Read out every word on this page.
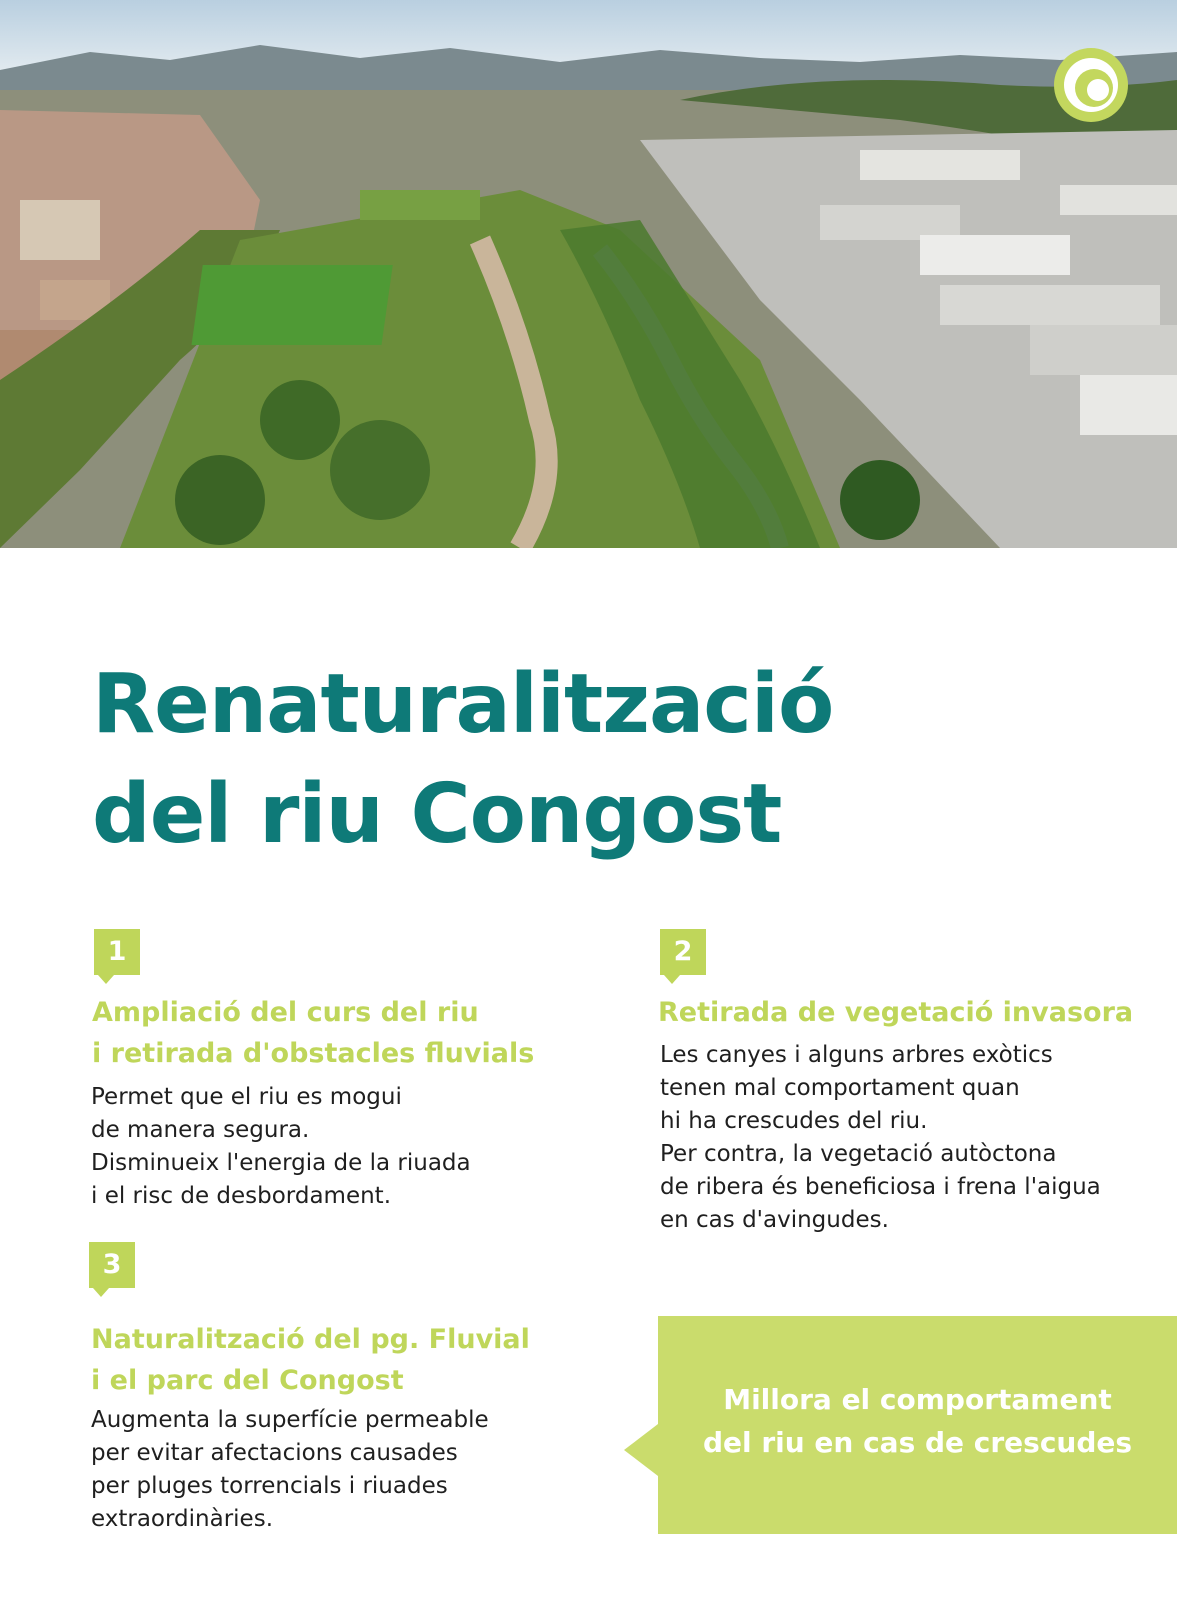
Renaturalització
del riu Congost
1
Ampliació del curs del riu
i retirada d'obstacles fluvials

Permet que el riu es mogui
de manera segura.
Disminueix l'energia de la riuada
i el risc de desbordament.

2
Retirada de vegetació invasora

Les canyes i alguns arbres exòtics
tenen mal comportament quan
hi ha crescudes del riu.
Per contra, la vegetació autòctona
de ribera és beneficiosa i frena l'aigua
en cas d'avingudes.

3
Naturalització del pg. Fluvial
i el parc del Congost

Augmenta la superfície permeable
per evitar afectacions causades
per pluges torrencials i riuades
extraordinàries.

Millora el comportament
del riu en cas de crescudes
